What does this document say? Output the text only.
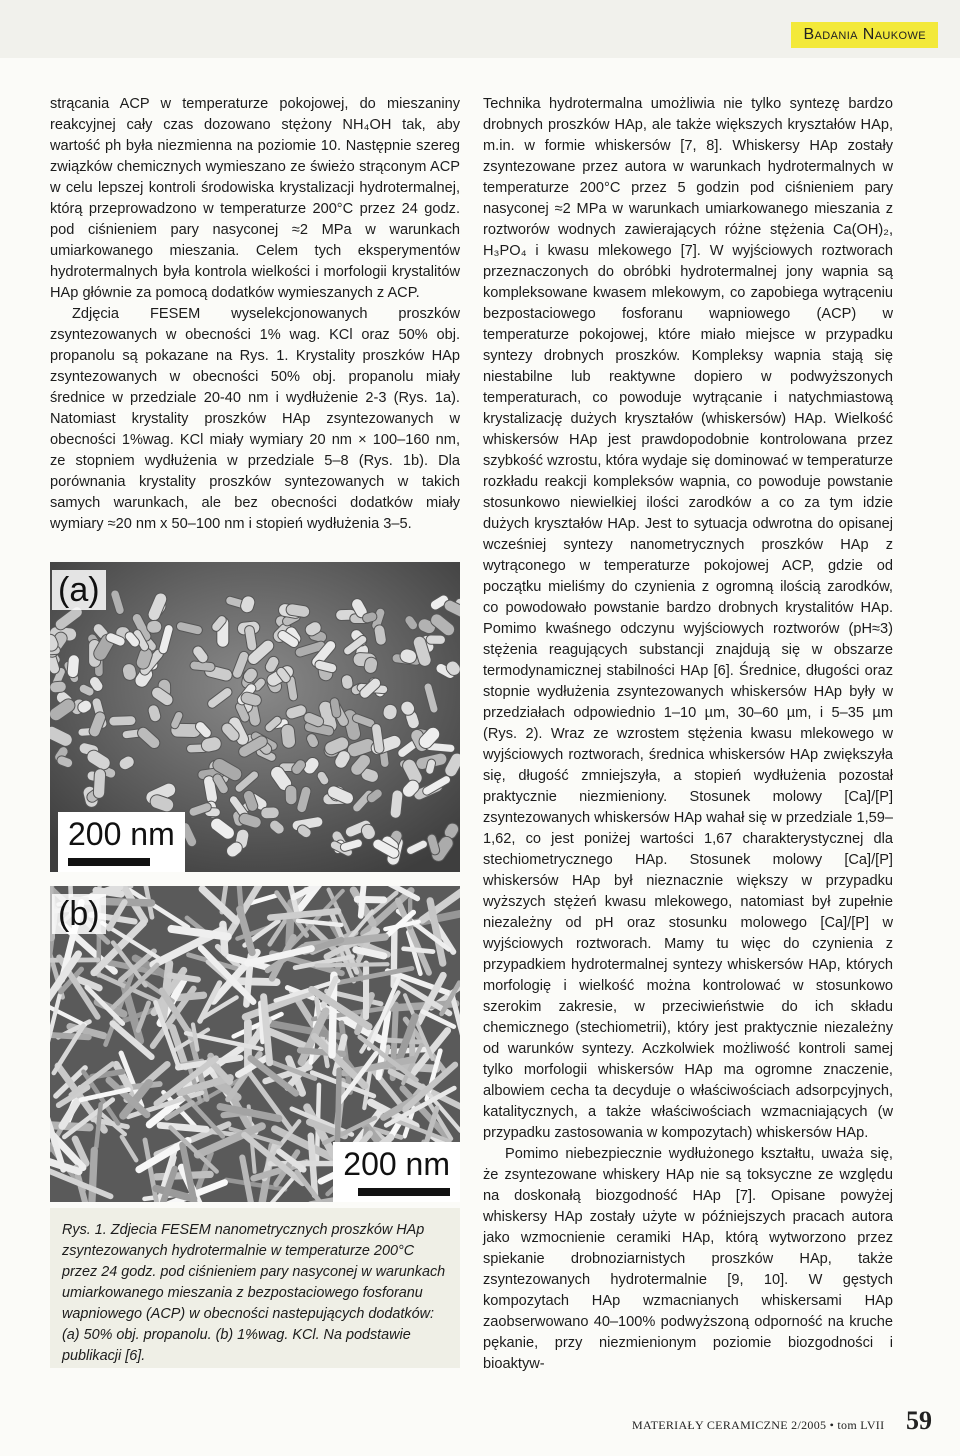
Badania Naukowe

strącania ACP w temperaturze pokojowej, do mieszaniny reakcyjnej cały czas dozowano stężony NH₄OH tak, aby wartość ph była niezmienna na poziomie 10. Następnie szereg związków chemicznych wymieszano ze świeżo strąconym ACP w celu lepszej kontroli środowiska krystalizacji hydrotermalnej, którą przeprowadzono w temperaturze 200°C przez 24 godz. pod ciśnieniem pary nasyconej ≈2 MPa w warunkach umiarkowanego mieszania. Celem tych eksperymentów hydrotermalnych była kontrola wielkości i morfologii krystalitów HAp głównie za pomocą dodatków wymieszanych z ACP.

Zdjęcia FESEM wyselekcjonowanych proszków zsyntezowanych w obecności 1% wag. KCl oraz 50% obj. propanolu są pokazane na Rys. 1. Krystality proszków HAp zsyntezowanych w obecności 50% obj. propanolu miały średnice w przedziale 20-40 nm i wydłużenie 2-3 (Rys. 1a). Natomiast krystality proszków HAp zsyntezowanych w obecności 1%wag. KCl miały wymiary 20 nm × 100–160 nm, ze stopniem wydłużenia w przedziale 5–8 (Rys. 1b). Dla porównania krystality proszków syntezowanych w takich samych warunkach, ale bez obecności dodatków miały wymiary ≈20 nm x 50–100 nm i stopień wydłużenia 3–5.

(a)
200 nm
(b)
200 nm
Rys. 1. Zdjecia FESEM nanometrycznych proszków HAp zsyntezowanych hydrotermalnie w temperaturze 200°C przez 24 godz. pod ciśnieniem pary nasyconej w warunkach umiarkowanego mieszania z bezpostaciowego fosforanu wapniowego (ACP) w obecności nastepujących dodatków: (a) 50% obj. propanolu. (b) 1%wag. KCl. Na podstawie publikacji [6].

Technika hydrotermalna umożliwia nie tylko syntezę bardzo drobnych proszków HAp, ale także większych kryształów HAp, m.in. w formie whiskersów [7, 8]. Whiskersy HAp zostały zsyntezowane przez autora w warunkach hydrotermalnych w temperaturze 200°C przez 5 godzin pod ciśnieniem pary nasyconej ≈2 MPa w warunkach umiarkowanego mieszania z roztworów wodnych zawierających różne stężenia Ca(OH)₂, H₃PO₄ i kwasu mlekowego [7]. W wyjściowych roztworach przeznaczonych do obróbki hydrotermalnej jony wapnia są kompleksowane kwasem mlekowym, co zapobiega wytrąceniu bezpostaciowego fosforanu wapniowego (ACP) w temperaturze pokojowej, które miało miejsce w przypadku syntezy drobnych proszków. Kompleksy wapnia stają się niestabilne lub reaktywne dopiero w podwyższonych temperaturach, co powoduje wytrącanie i natychmiastową krystalizację dużych kryształów (whiskersów) HAp. Wielkość whiskersów HAp jest prawdopodobnie kontrolowana przez szybkość wzrostu, która wydaje się dominować w temperaturze rozkładu reakcji kompleksów wapnia, co powoduje powstanie stosunkowo niewielkiej ilości zarodków a co za tym idzie dużych kryształów HAp. Jest to sytuacja odwrotna do opisanej wcześniej syntezy nanometrycznych proszków HAp z wytrąconego w temperaturze pokojowej ACP, gdzie od początku mieliśmy do czynienia z ogromną ilością zarodków, co powodowało powstanie bardzo drobnych krystalitów HAp. Pomimo kwaśnego odczynu wyjściowych roztworów (pH≈3) stężenia reagujących substancji znajdują się w obszarze termodynamicznej stabilności HAp [6]. Średnice, długości oraz stopnie wydłużenia zsyntezowanych whiskersów HAp były w przedziałach odpowiednio 1–10 µm, 30–60 µm, i 5–35 µm (Rys. 2). Wraz ze wzrostem stężenia kwasu mlekowego w wyjściowych roztworach, średnica whiskersów HAp zwiększyła się, długość zmniejszyła, a stopień wydłużenia pozostał praktycznie niezmieniony. Stosunek molowy [Ca]/[P] zsyntezowanych whiskersów HAp wahał się w przedziale 1,59–1,62, co jest poniżej wartości 1,67 charakterystycznej dla stechiometrycznego HAp. Stosunek molowy [Ca]/[P] whiskersów HAp był nieznacznie większy w przypadku wyższych stężeń kwasu mlekowego, natomiast był zupełnie niezależny od pH oraz stosunku molowego [Ca]/[P] w wyjściowych roztworach. Mamy tu więc do czynienia z przypadkiem hydrotermalnej syntezy whiskersów HAp, których morfologię i wielkość można kontrolować w stosunkowo szerokim zakresie, w przeciwieństwie do ich składu chemicznego (stechiometrii), który jest praktycznie niezależny od warunków syntezy. Aczkolwiek możliwość kontroli samej tylko morfologii whiskersów HAp ma ogromne znaczenie, albowiem cecha ta decyduje o właściwościach adsorpcyjnych, katalitycznych, a także właściwościach wzmacniających (w przypadku zastosowania w kompozytach) whiskersów HAp.

Pomimo niebezpiecznie wydłużonego kształtu, uważa się, że zsyntezowane whiskery HAp nie są toksyczne ze względu na doskonałą biozgodność HAp [7]. Opisane powyżej whiskersy HAp zostały użyte w późniejszych pracach autora jako wzmocnienie ceramiki HAp, którą wytworzono przez spiekanie drobnoziarnistych proszków HAp, także zsyntezowanych hydrotermalnie [9, 10]. W gęstych kompozytach HAp wzmacnianych whiskersami HAp zaobserwowano 40–100% podwyższoną odporność na kruche pękanie, przy niezmienionym poziomie biozgodności i bioaktyw-

MATERIAŁY CERAMICZNE 2/2005 • tom LVII 59
